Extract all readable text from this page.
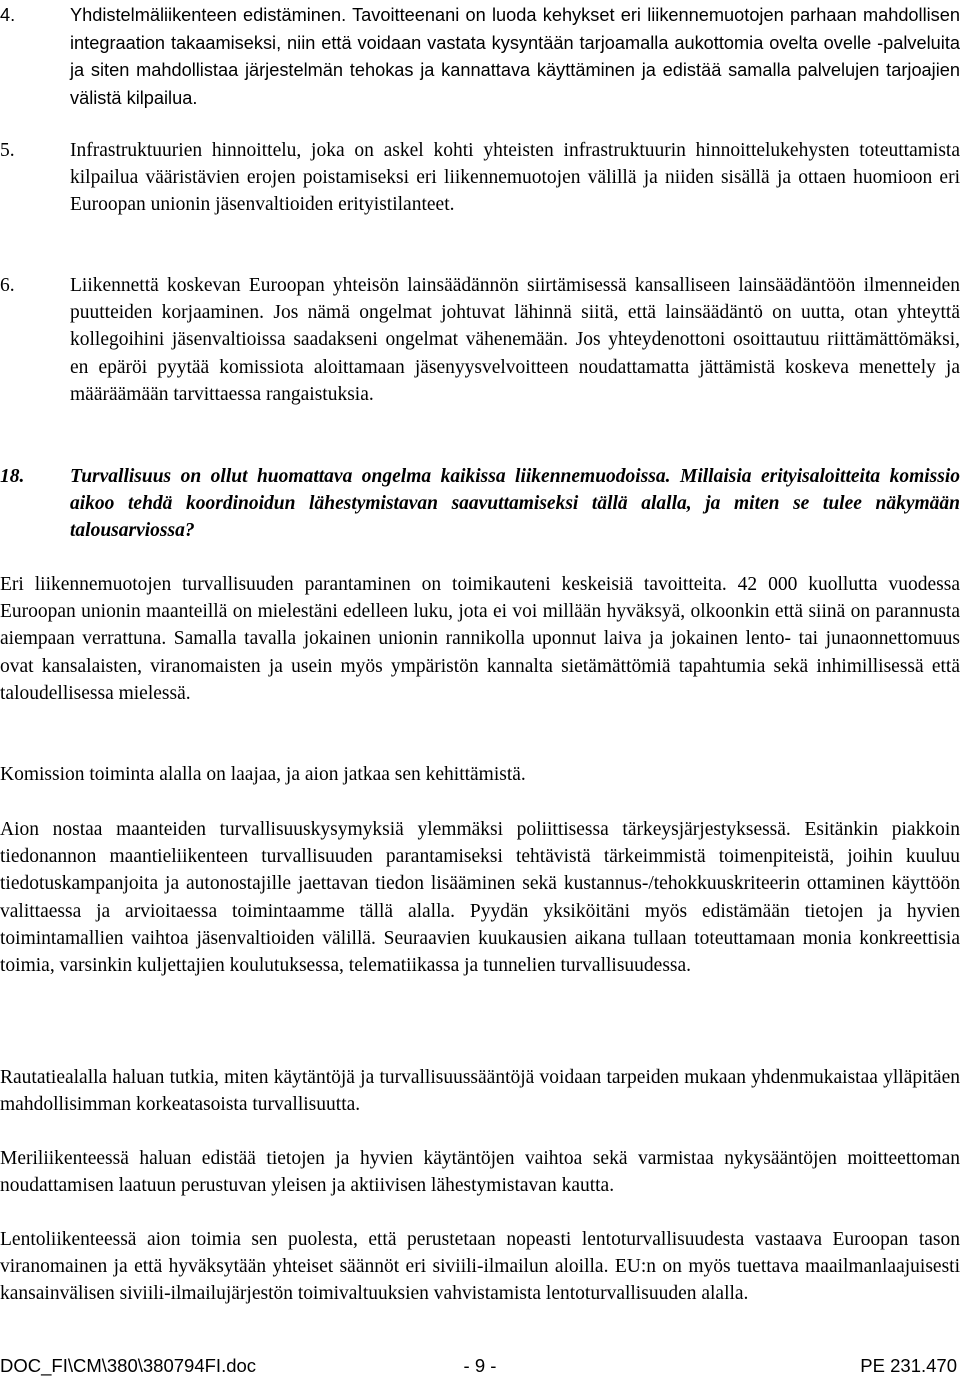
4.	Yhdistelmäliikenteen edistäminen. Tavoitteenani on luoda kehykset eri liikennemuotojen parhaan mahdollisen integraation takaamiseksi, niin että voidaan vastata kysyntään tarjoamalla aukottomia ovelta ovelle -palveluita ja siten mahdollistaa järjestelmän tehokas ja kannattava käyttäminen ja edistää samalla palvelujen tarjoajien välistä kilpailua.
5.	Infrastruktuurien hinnoittelu, joka on askel kohti yhteisten infrastruktuurin hinnoittelukehysten toteuttamista kilpailua vääristävien erojen poistamiseksi eri liikennemuotojen välillä ja niiden sisällä ja ottaen huomioon eri Euroopan unionin jäsenvaltioiden erityistilanteet.
6.	Liikennettä koskevan Euroopan yhteisön lainsäädännön siirtämisessä kansalliseen lainsäädäntöön ilmenneiden puutteiden korjaaminen. Jos nämä ongelmat johtuvat lähinnä siitä, että lainsäädäntö on uutta, otan yhteyttä kollegoihini jäsenvaltioissa saadakseni ongelmat vähenemään. Jos yhteydenottoni osoittautuu riittämättömäksi, en epäröi pyytää komissiota aloittamaan jäsenyysvelvoitteen noudattamatta jättämistä koskeva menettely ja määräämään tarvittaessa rangaistuksia.
18. Turvallisuus on ollut huomattava ongelma kaikissa liikennemuodoissa. Millaisia erityisaloitteita komissio aikoo tehdä koordinoidun lähestymistavan saavuttamiseksi tällä alalla, ja miten se tulee näkymään talousarviossa?
Eri liikennemuotojen turvallisuuden parantaminen on toimikauteni keskeisiä tavoitteita. 42 000 kuollutta vuodessa Euroopan unionin maanteillä on mielestäni edelleen luku, jota ei voi millään hyväksyä, olkoonkin että siinä on parannusta aiempaan verrattuna. Samalla tavalla jokainen unionin rannikolla uponnut laiva ja jokainen lento- tai junaonnettomuus ovat kansalaisten, viranomaisten ja usein myös ympäristön kannalta sietämättömiä tapahtumia sekä inhimillisessä että taloudellisessa mielessä.
Komission toiminta alalla on laajaa, ja aion jatkaa sen kehittämistä.
Aion nostaa maanteiden turvallisuuskysymyksiä ylemmäksi poliittisessa tärkeysjärjestyksessä. Esitänkin piakkoin tiedonannon maantieliikenteen turvallisuuden parantamiseksi tehtävistä tärkeimmistä toimenpiteistä, joihin kuuluu tiedotuskampanjoita ja autonostajille jaettavan tiedon lisääminen sekä kustannus-/tehokkuuskriteerin ottaminen käyttöön valittaessa ja arvioitaessa toimintaamme tällä alalla. Pyydän yksiköitäni myös edistämään tietojen ja hyvien toimintamallien vaihtoa jäsenvaltioiden välillä. Seuraavien kuukausien aikana tullaan toteuttamaan monia konkreettisia toimia, varsinkin kuljettajien koulutuksessa, telematiikassa ja tunnelien turvallisuudessa.
Rautatiealalla haluan tutkia, miten käytäntöjä ja turvallisuussääntöjä voidaan tarpeiden mukaan yhdenmukaistaa ylläpitäen mahdollisimman korkeatasoista turvallisuutta.
Meriliikenteessä haluan edistää tietojen ja hyvien käytäntöjen vaihtoa sekä varmistaa nykysääntöjen moitteettoman noudattamisen laatuun perustuvan yleisen ja aktiivisen lähestymistavan kautta.
Lentoliikenteessä aion toimia sen puolesta, että perustetaan nopeasti lentoturvallisuudesta vastaava Euroopan tason viranomainen ja että hyväksytään yhteiset säännöt eri siviili-ilmailun aloilla. EU:n on myös tuettava maailmanlaajuisesti kansainvälisen siviili-ilmailujärjestön toimivaltuuksien vahvistamista lentoturvallisuuden alalla.
DOC_FI\CM\380\380794FI.doc	- 9 -	PE 231.470
